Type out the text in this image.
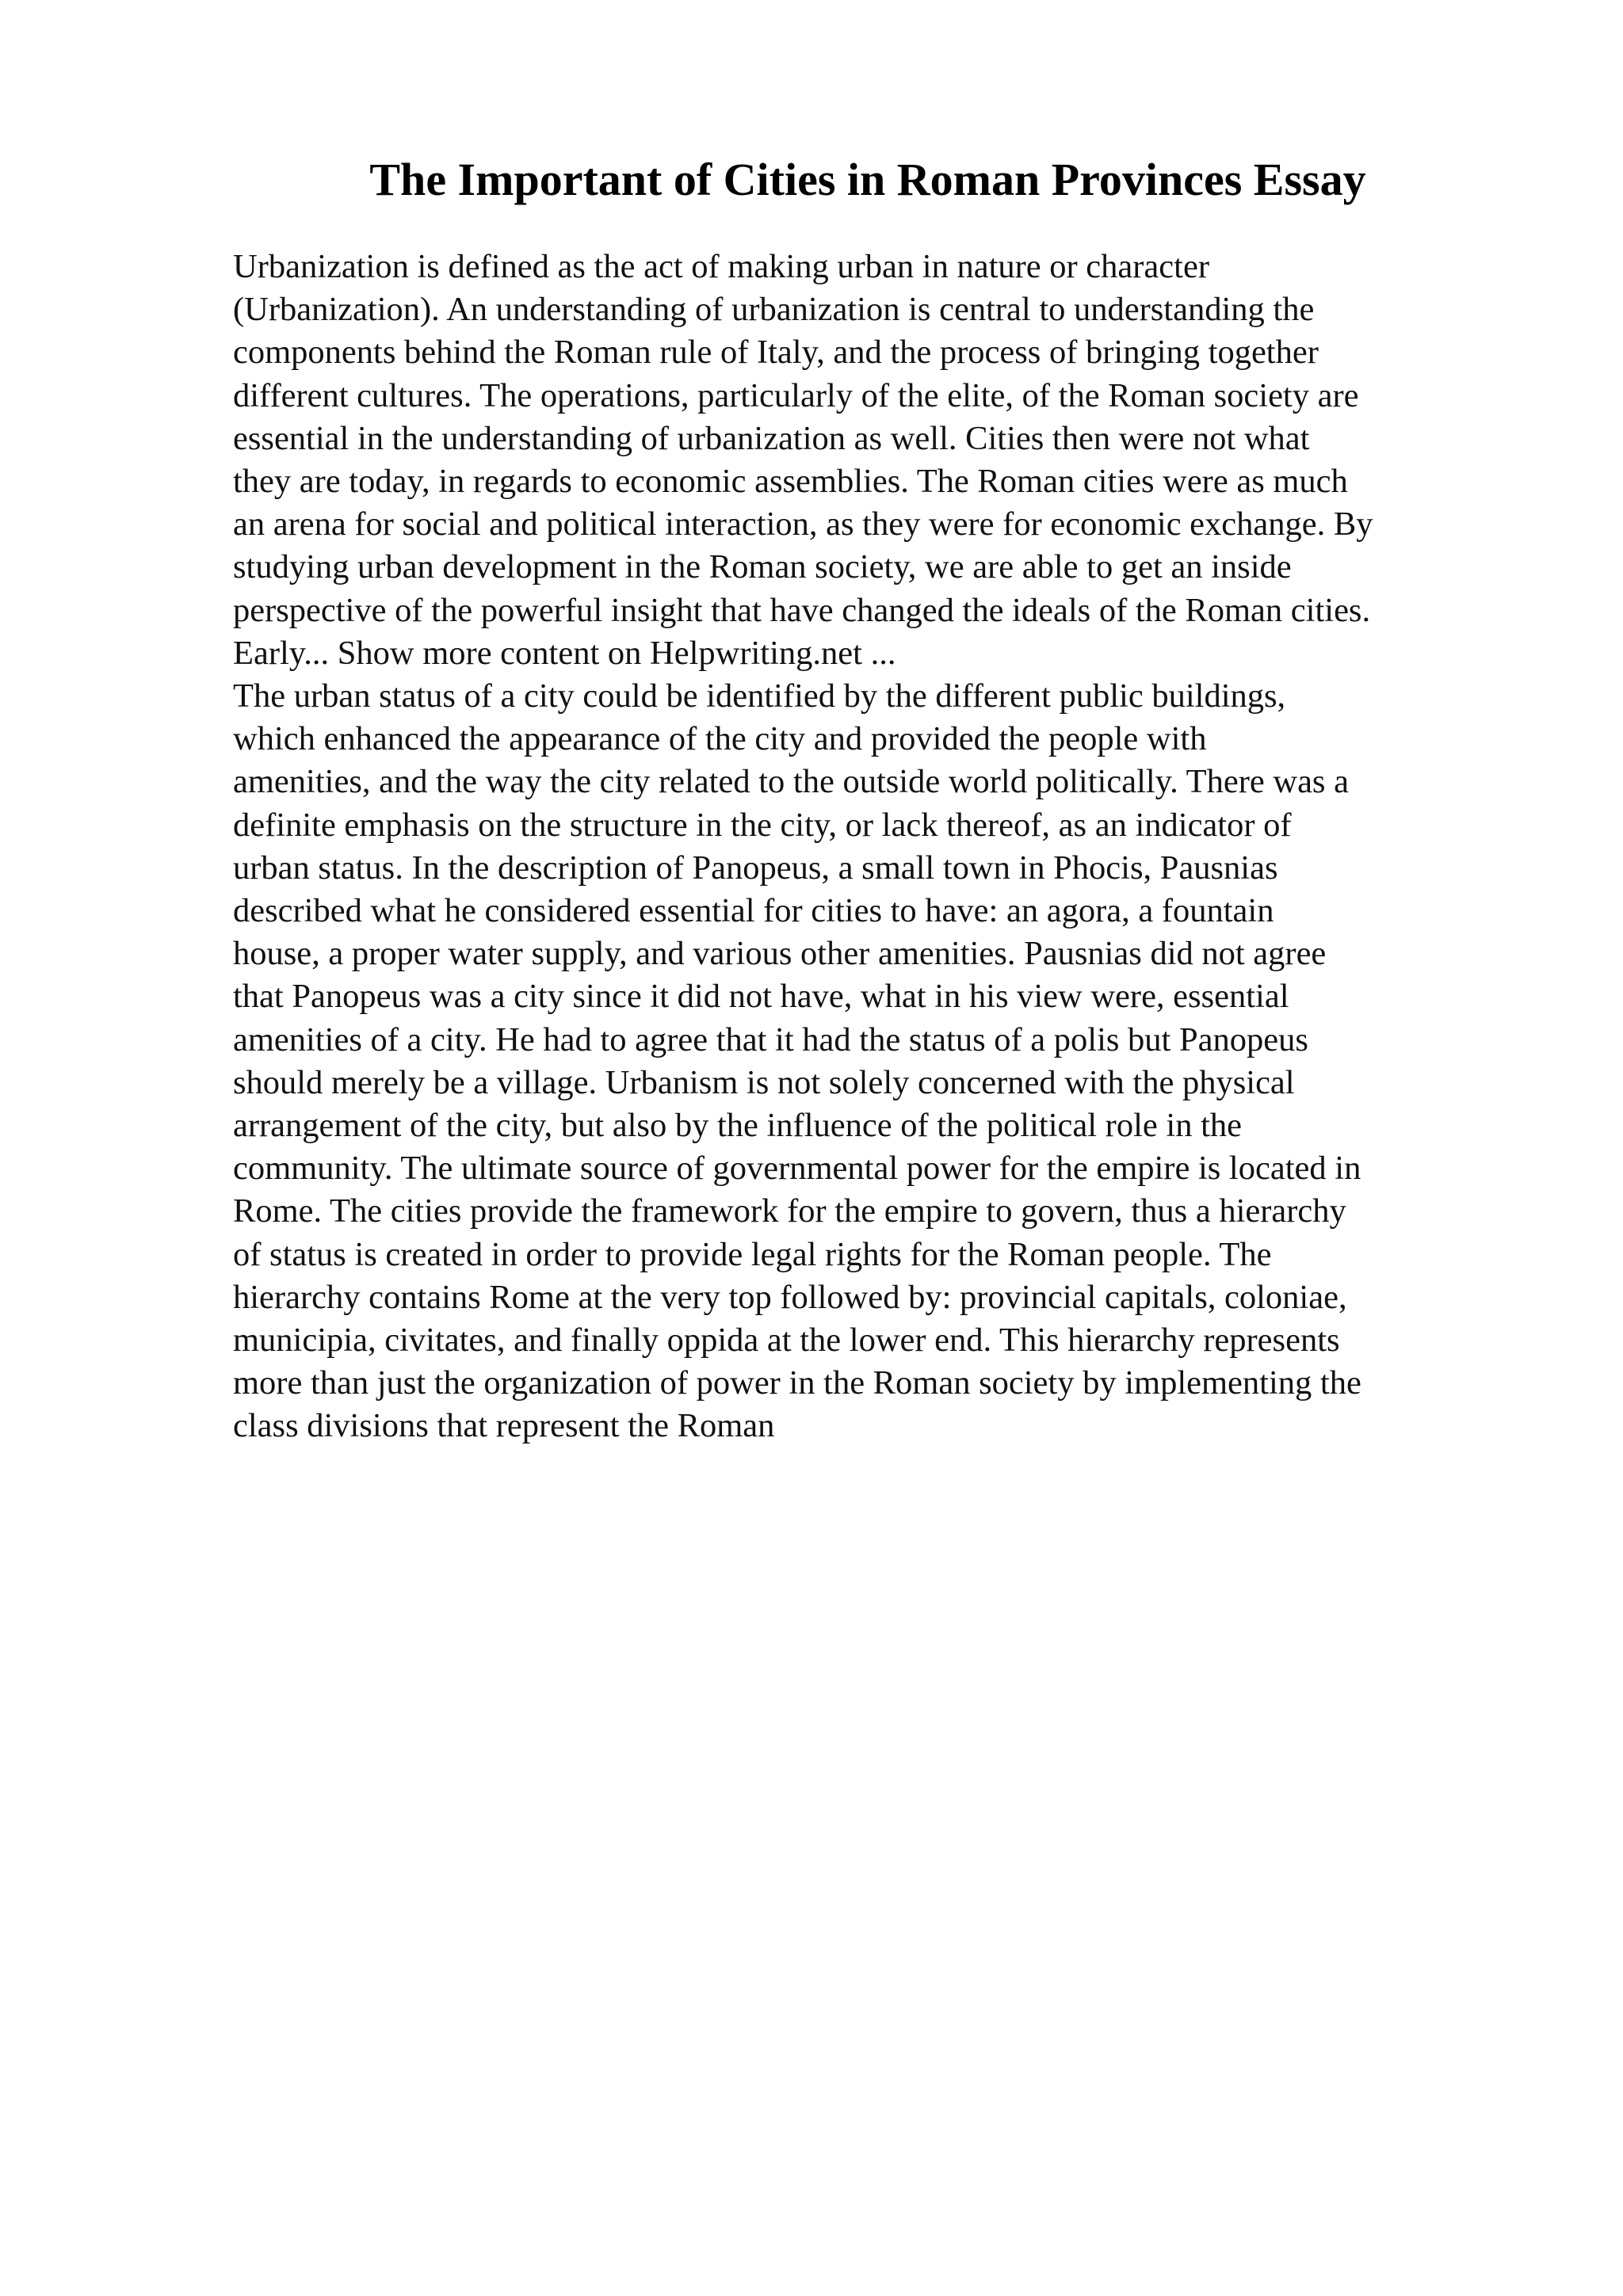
The Important of Cities in Roman Provinces Essay
Urbanization is defined as the act of making urban in nature or character
(Urbanization). An understanding of urbanization is central to understanding the
components behind the Roman rule of Italy, and the process of bringing together
different cultures. The operations, particularly of the elite, of the Roman society are
essential in the understanding of urbanization as well. Cities then were not what
they are today, in regards to economic assemblies. The Roman cities were as much
an arena for social and political interaction, as they were for economic exchange. By
studying urban development in the Roman society, we are able to get an inside
perspective of the powerful insight that have changed the ideals of the Roman cities.
Early... Show more content on Helpwriting.net ...
The urban status of a city could be identified by the different public buildings,
which enhanced the appearance of the city and provided the people with
amenities, and the way the city related to the outside world politically. There was a
definite emphasis on the structure in the city, or lack thereof, as an indicator of
urban status. In the description of Panopeus, a small town in Phocis, Pausnias
described what he considered essential for cities to have: an agora, a fountain
house, a proper water supply, and various other amenities. Pausnias did not agree
that Panopeus was a city since it did not have, what in his view were, essential
amenities of a city. He had to agree that it had the status of a polis but Panopeus
should merely be a village. Urbanism is not solely concerned with the physical
arrangement of the city, but also by the influence of the political role in the
community. The ultimate source of governmental power for the empire is located in
Rome. The cities provide the framework for the empire to govern, thus a hierarchy
of status is created in order to provide legal rights for the Roman people. The
hierarchy contains Rome at the very top followed by: provincial capitals, coloniae,
municipia, civitates, and finally oppida at the lower end. This hierarchy represents
more than just the organization of power in the Roman society by implementing the
class divisions that represent the Roman
